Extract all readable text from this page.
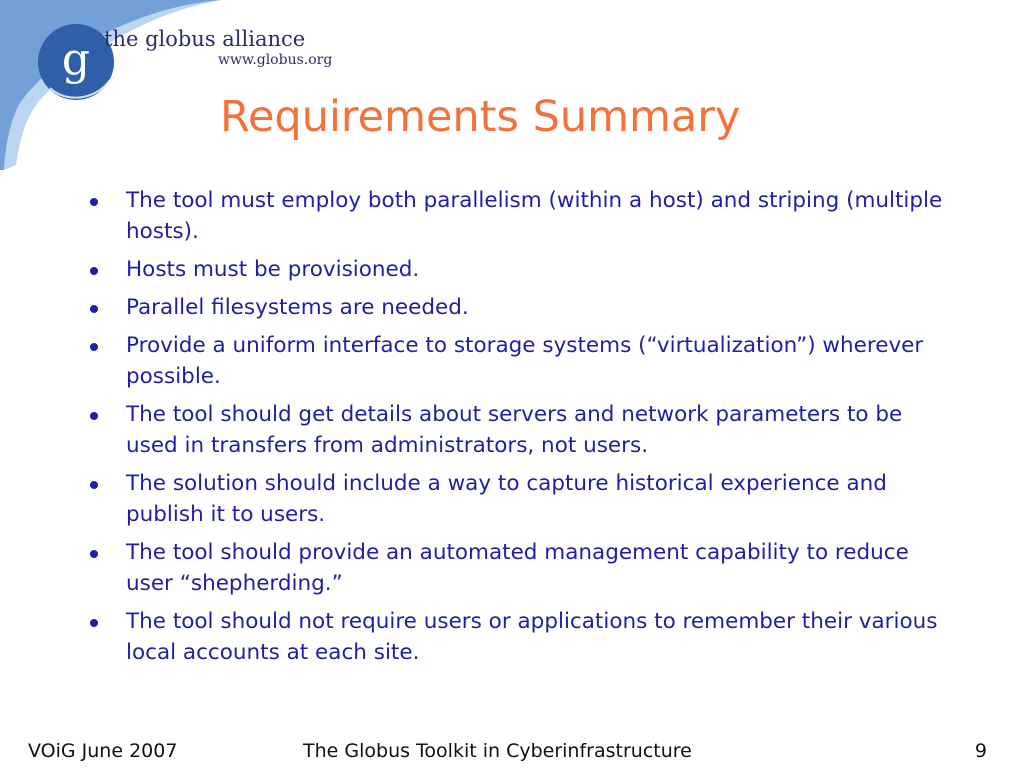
g the globus alliance
www.globus.org
Requirements Summary
The tool must employ both parallelism (within a host) and striping (multiple hosts).
Hosts must be provisioned.
Parallel filesystems are needed.
Provide a uniform interface to storage systems (“virtualization”) wherever possible.
The tool should get details about servers and network parameters to be used in transfers from administrators, not users.
The solution should include a way to capture historical experience and publish it to users.
The tool should provide an automated management capability to reduce user “shepherding.”
The tool should not require users or applications to remember their various local accounts at each site.
VOiG June 2007	The Globus Toolkit in Cyberinfrastructure	9
